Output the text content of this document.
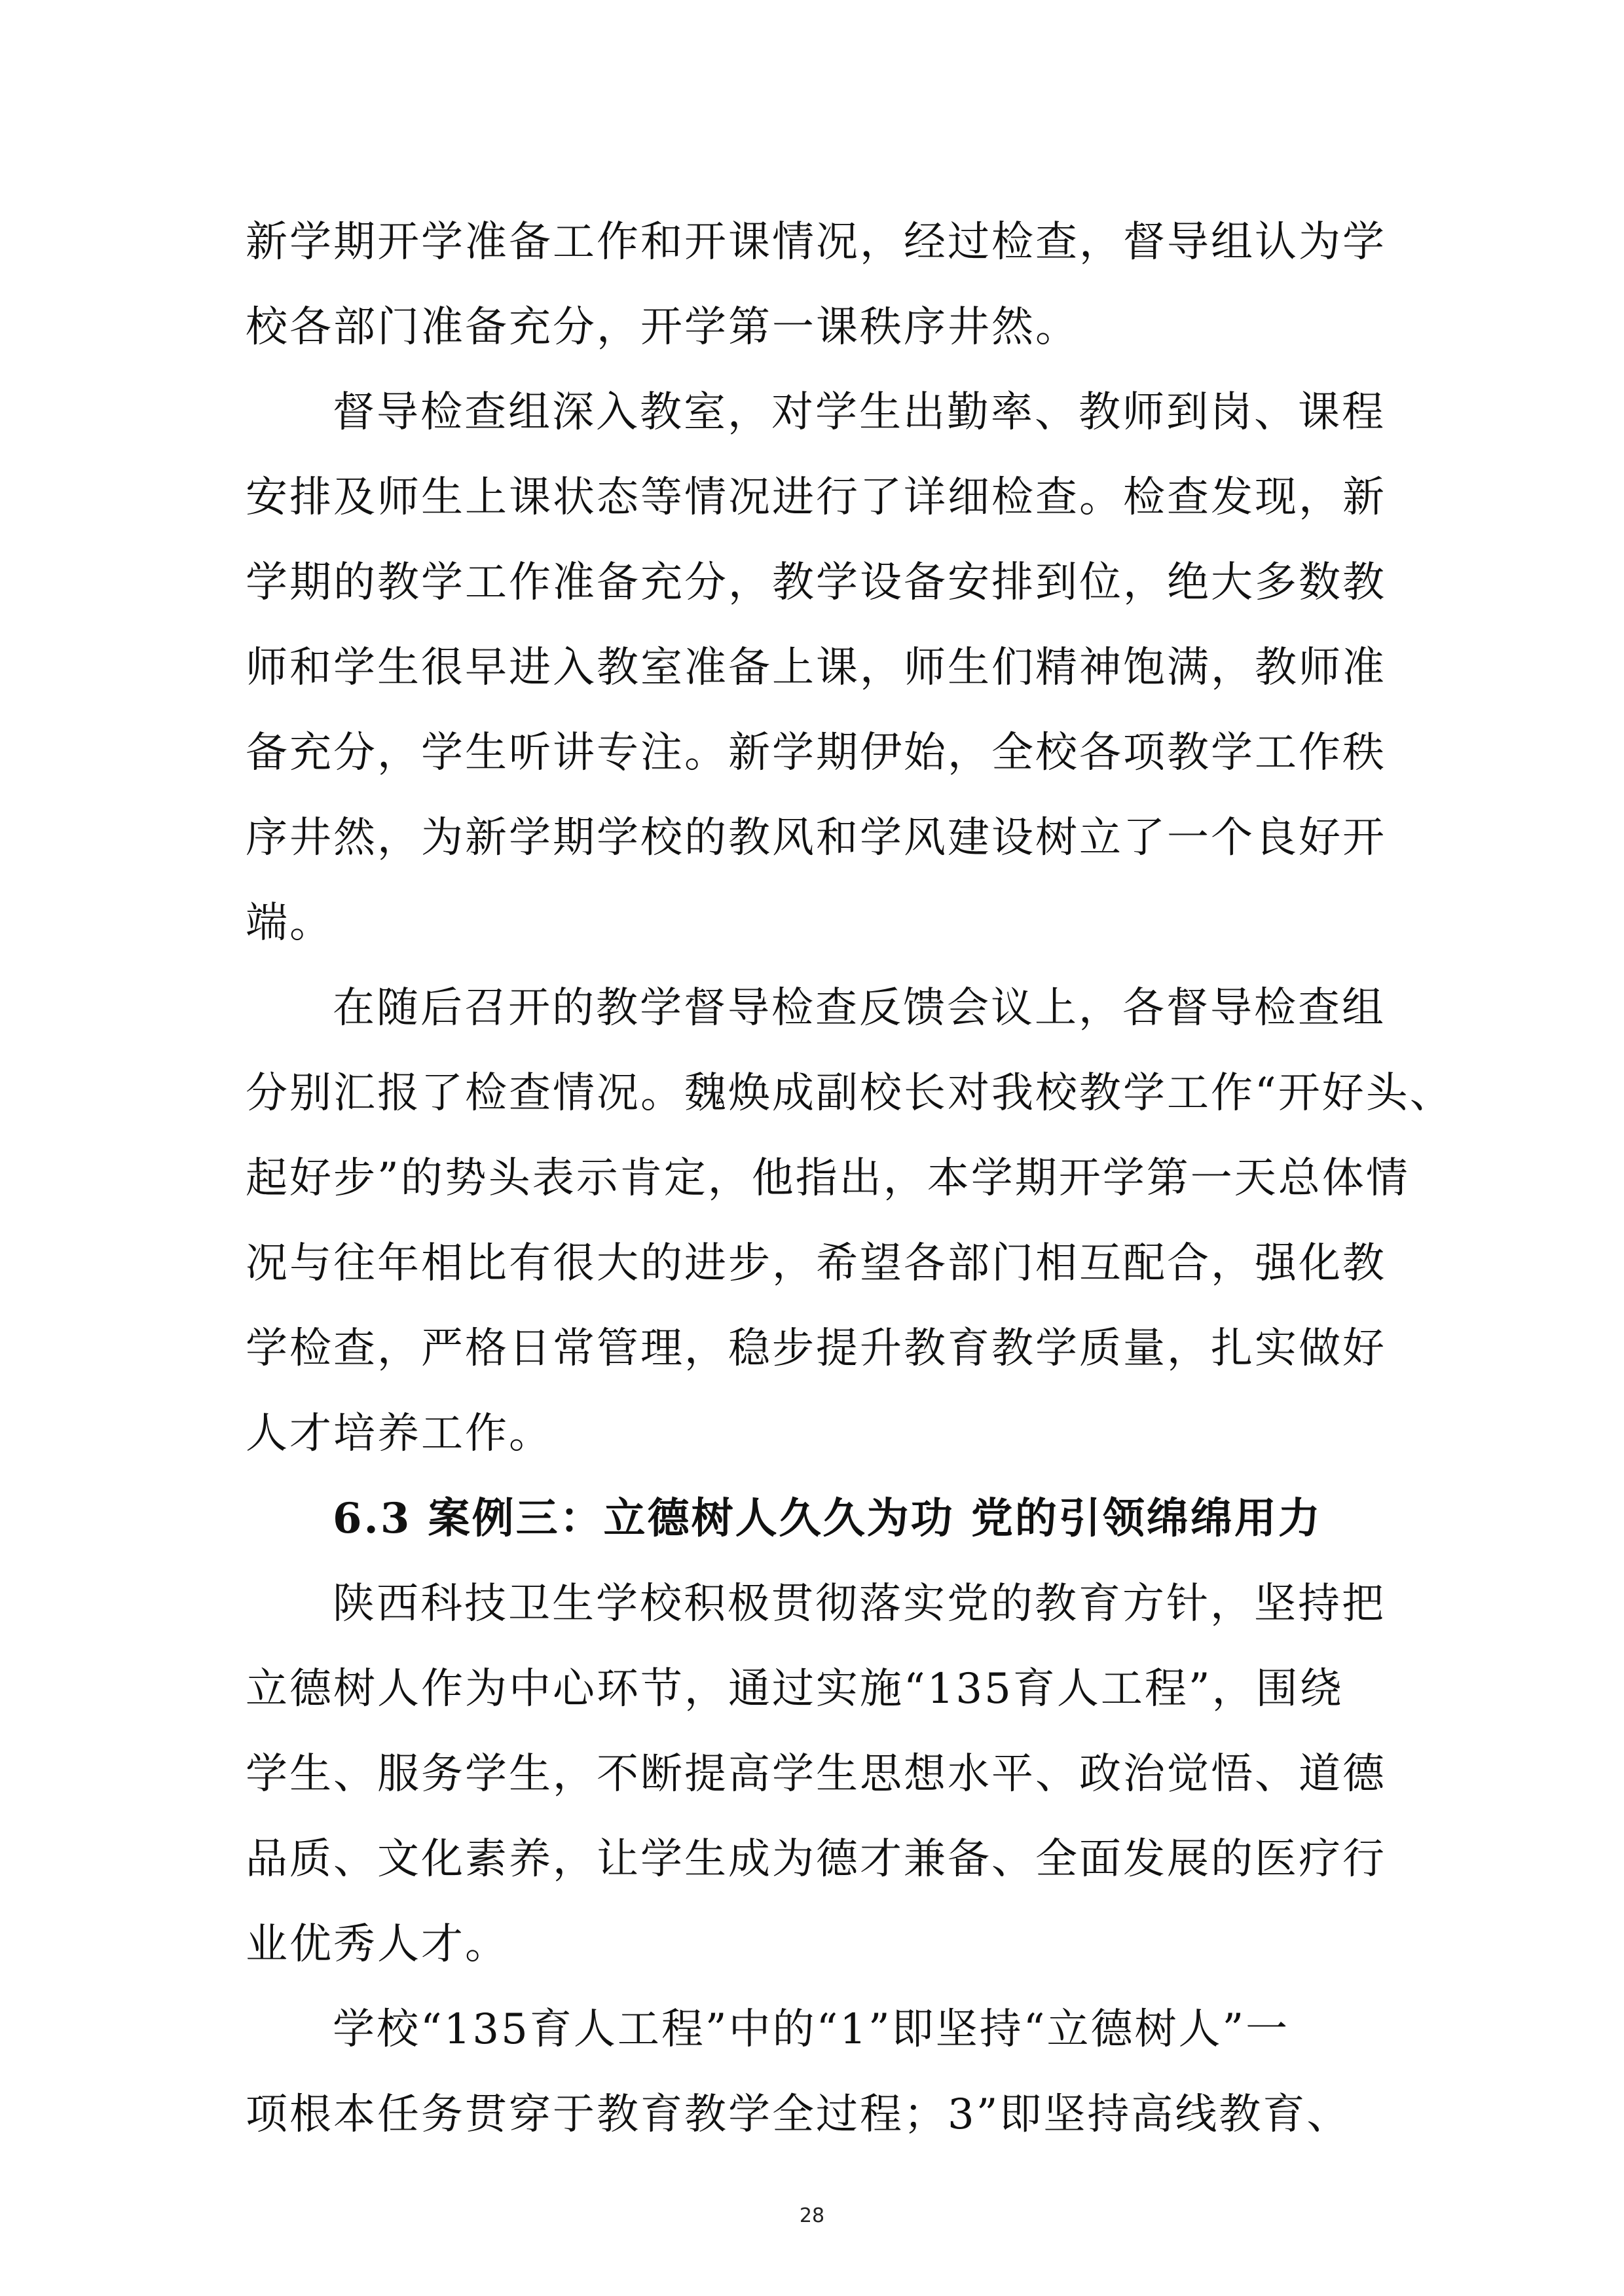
新学期开学准备工作和开课情况，经过检查，督导组认为学
校各部门准备充分，开学第一课秩序井然。
督导检查组深入教室，对学生出勤率、教师到岗、课程
安排及师生上课状态等情况进行了详细检查。检查发现，新
学期的教学工作准备充分，教学设备安排到位，绝大多数教
师和学生很早进入教室准备上课，师生们精神饱满，教师准
备充分，学生听讲专注。新学期伊始，全校各项教学工作秩
序井然，为新学期学校的教风和学风建设树立了一个良好开
端。
在随后召开的教学督导检查反馈会议上，各督导检查组
分别汇报了检查情况。魏焕成副校长对我校教学工作“开好头、
起好步”的势头表示肯定，他指出，本学期开学第一天总体情
况与往年相比有很大的进步，希望各部门相互配合，强化教
学检查，严格日常管理，稳步提升教育教学质量，扎实做好
人才培养工作。
6.3 案例三：立德树人久久为功 党的引领绵绵用力
陕西科技卫生学校积极贯彻落实党的教育方针，坚持把
立德树人作为中心环节，通过实施“135育人工程”，围绕
学生、服务学生，不断提高学生思想水平、政治觉悟、道德
品质、文化素养，让学生成为德才兼备、全面发展的医疗行
业优秀人才。
学校“135育人工程”中的“1”即坚持“立德树人”一
项根本任务贯穿于教育教学全过程；3”即坚持高线教育、
28
